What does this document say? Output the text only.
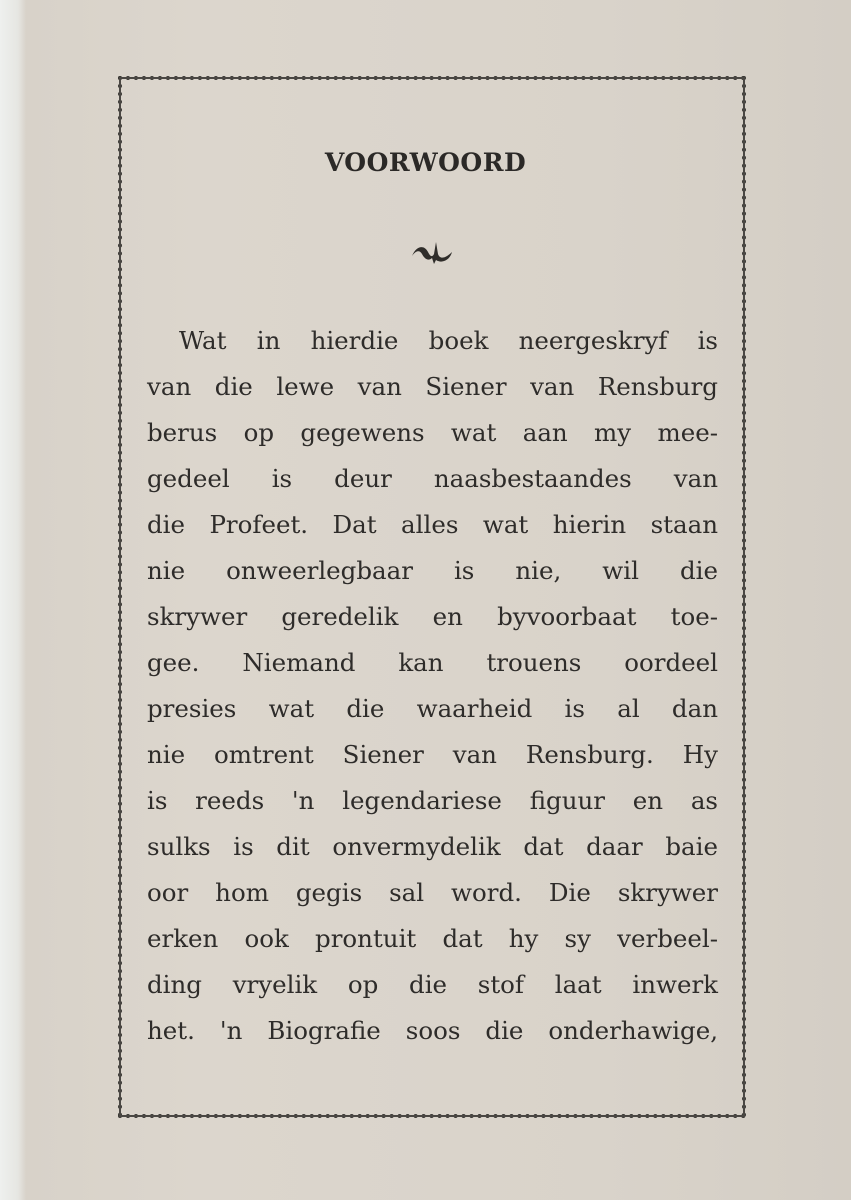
VOORWOORD
Wat in hierdie boek neergeskryf is
van die lewe van Siener van Rensburg
berus op gegewens wat aan my mee-
gedeel is deur naasbestaandes van
die Profeet. Dat alles wat hierin staan
nie onweerlegbaar is nie, wil die
skrywer geredelik en byvoorbaat toe-
gee. Niemand kan trouens oordeel
presies wat die waarheid is al dan
nie omtrent Siener van Rensburg. Hy
is reeds 'n legendariese figuur en as
sulks is dit onvermydelik dat daar baie
oor hom gegis sal word. Die skrywer
erken ook prontuit dat hy sy verbeel-
ding vryelik op die stof laat inwerk
het. 'n Biografie soos die onderhawige,
